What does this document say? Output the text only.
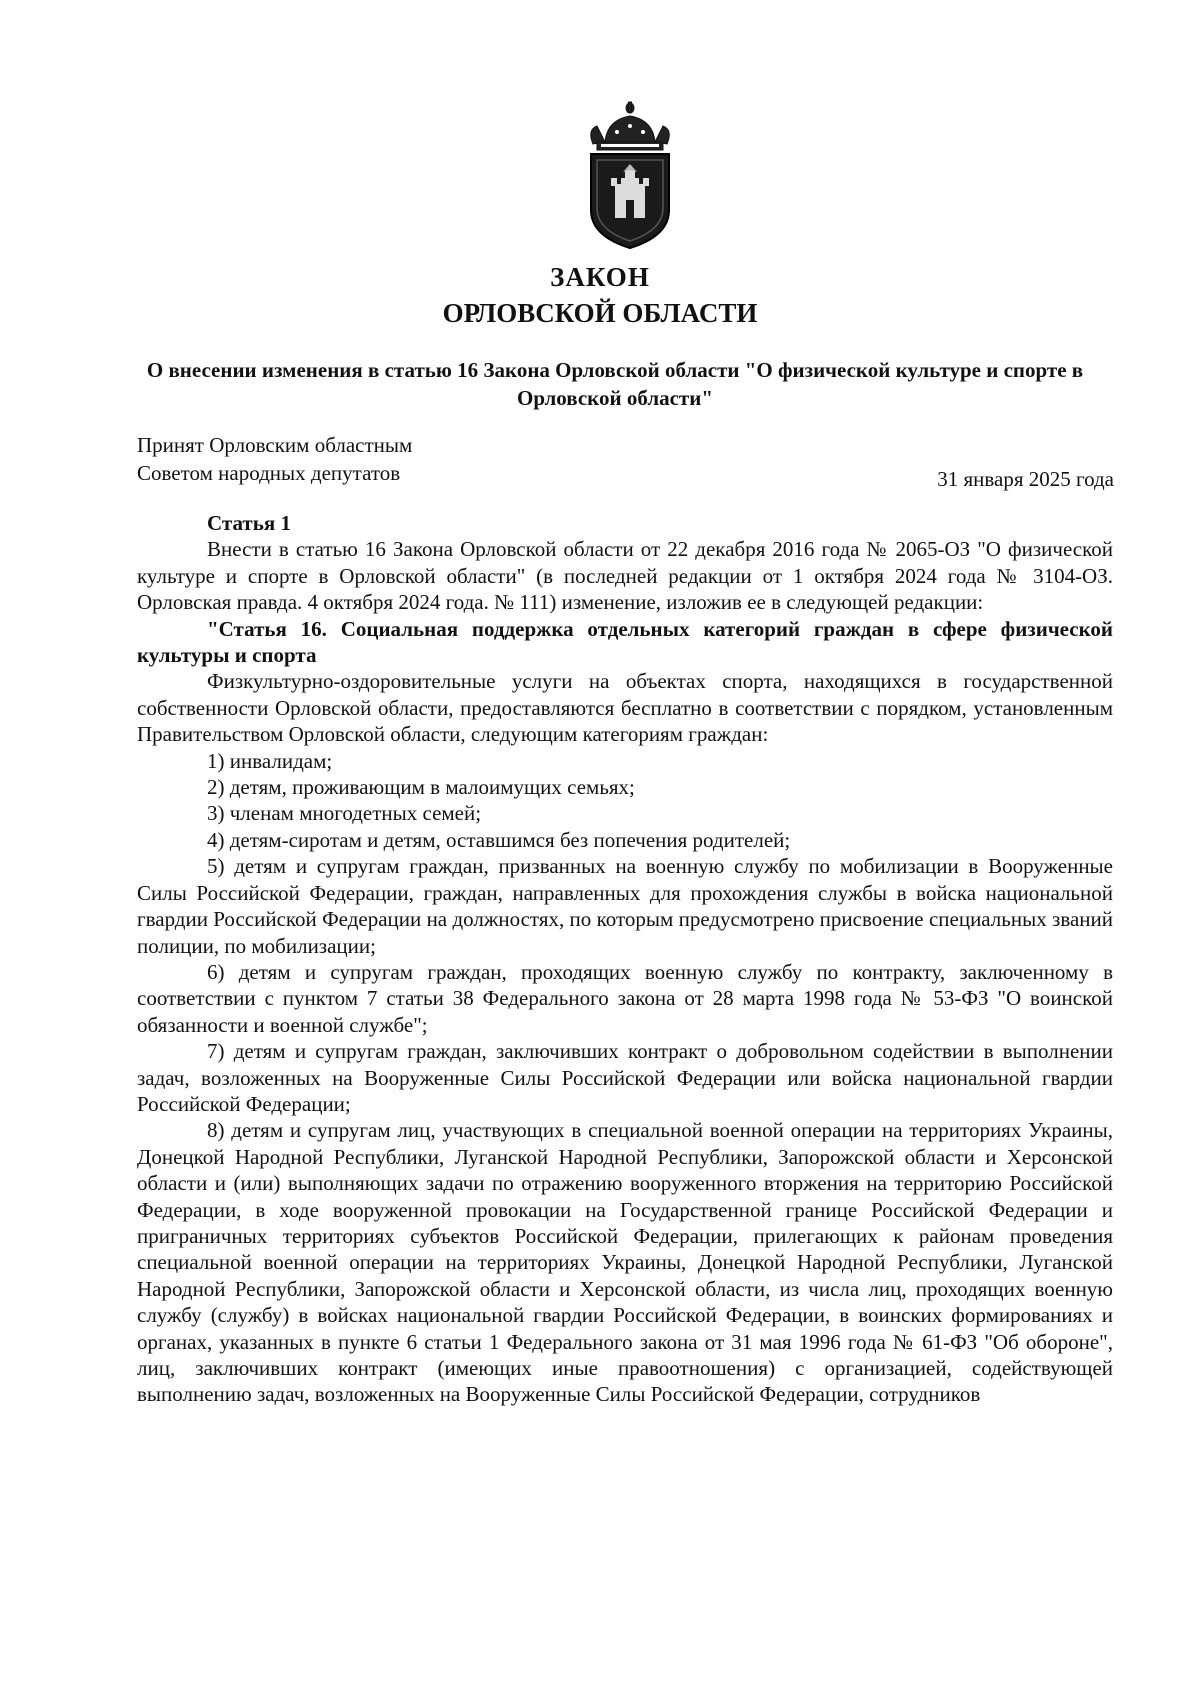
ЗАКОН
ОРЛОВСКОЙ ОБЛАСТИ
О внесении изменения в статью 16 Закона Орловской области "О физической культуре и спорте в Орловской области"
Принят Орловским областным
Советом народных депутатов	31 января 2025 года

Статья 1

Внести в статью 16 Закона Орловской области от 22 декабря 2016 года № 2065-ОЗ "О физической культуре и спорте в Орловской области" (в последней редакции от 1 октября 2024 года № 3104-ОЗ. Орловская правда. 4 октября 2024 года. № 111) изменение, изложив ее в следующей редакции:

"Статья 16. Социальная поддержка отдельных категорий граждан в сфере физической культуры и спорта

Физкультурно-оздоровительные услуги на объектах спорта, находящихся в государственной собственности Орловской области, предоставляются бесплатно в соответствии с порядком, установленным Правительством Орловской области, следующим категориям граждан:

1) инвалидам;

2) детям, проживающим в малоимущих семьях;

3) членам многодетных семей;

4) детям-сиротам и детям, оставшимся без попечения родителей;

5) детям и супругам граждан, призванных на военную службу по мобилизации в Вооруженные Силы Российской Федерации, граждан, направленных для прохождения службы в войска национальной гвардии Российской Федерации на должностях, по которым предусмотрено присвоение специальных званий полиции, по мобилизации;

6) детям и супругам граждан, проходящих военную службу по контракту, заключенному в соответствии с пунктом 7 статьи 38 Федерального закона от 28 марта 1998 года № 53-ФЗ "О воинской обязанности и военной службе";

7) детям и супругам граждан, заключивших контракт о добровольном содействии в выполнении задач, возложенных на Вооруженные Силы Российской Федерации или войска национальной гвардии Российской Федерации;

8) детям и супругам лиц, участвующих в специальной военной операции на территориях Украины, Донецкой Народной Республики, Луганской Народной Республики, Запорожской области и Херсонской области и (или) выполняющих задачи по отражению вооруженного вторжения на территорию Российской Федерации, в ходе вооруженной провокации на Государственной границе Российской Федерации и приграничных территориях субъектов Российской Федерации, прилегающих к районам проведения специальной военной операции на территориях Украины, Донецкой Народной Республики, Луганской Народной Республики, Запорожской области и Херсонской области, из числа лиц, проходящих военную службу (службу) в войсках национальной гвардии Российской Федерации, в воинских формированиях и органах, указанных в пункте 6 статьи 1 Федерального закона от 31 мая 1996 года № 61-ФЗ "Об обороне", лиц, заключивших контракт (имеющих иные правоотношения) с организацией, содействующей выполнению задач, возложенных на Вооруженные Силы Российской Федерации, сотрудников
